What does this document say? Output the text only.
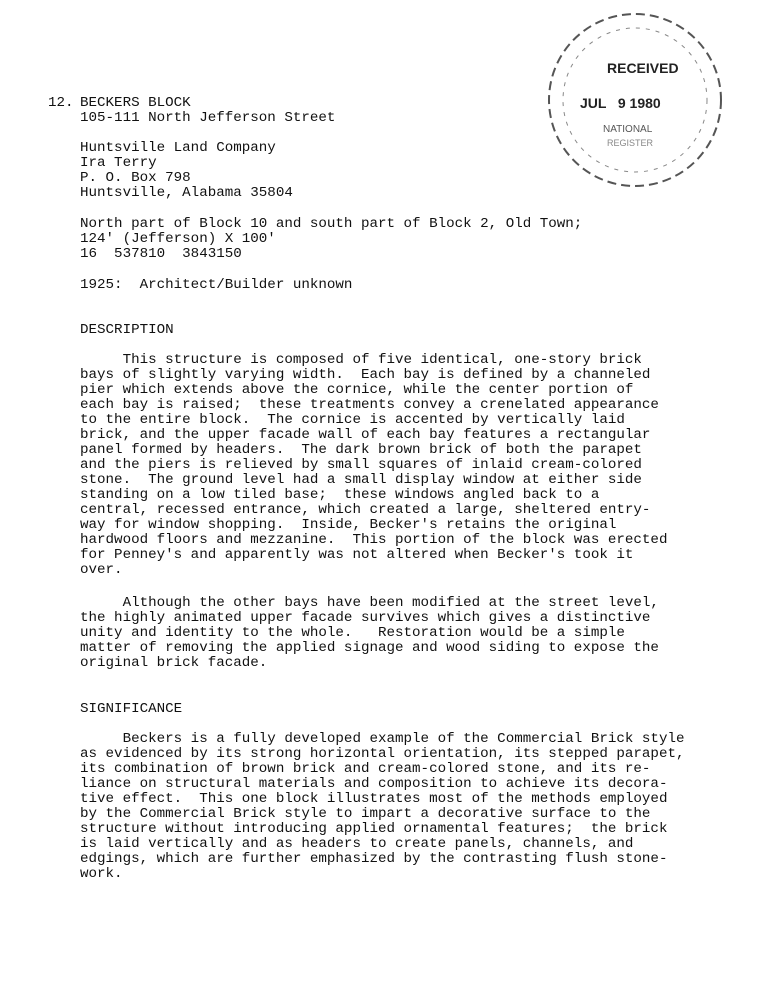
RECEIVED
JUL   9 1980
NATIONAL
REGISTER
12. BECKERS BLOCK
105-111 North Jefferson Street
Huntsville Land Company
Ira Terry
P. O. Box 798
Huntsville, Alabama 35804
North part of Block 10 and south part of Block 2, Old Town;
124' (Jefferson) X 100'
16  537810  3843150
1925:  Architect/Builder unknown
DESCRIPTION
This structure is composed of five identical, one-story brick
bays of slightly varying width.  Each bay is defined by a channeled
pier which extends above the cornice, while the center portion of
each bay is raised;  these treatments convey a crenelated appearance
to the entire block.  The cornice is accented by vertically laid
brick, and the upper facade wall of each bay features a rectangular
panel formed by headers.  The dark brown brick of both the parapet
and the piers is relieved by small squares of inlaid cream-colored
stone.  The ground level had a small display window at either side
standing on a low tiled base;  these windows angled back to a
central, recessed entrance, which created a large, sheltered entry-
way for window shopping.  Inside, Becker's retains the original
hardwood floors and mezzanine.  This portion of the block was erected
for Penney's and apparently was not altered when Becker's took it
over.
Although the other bays have been modified at the street level,
the highly animated upper facade survives which gives a distinctive
unity and identity to the whole.   Restoration would be a simple
matter of removing the applied signage and wood siding to expose the
original brick facade.
SIGNIFICANCE
Beckers is a fully developed example of the Commercial Brick style
as evidenced by its strong horizontal orientation, its stepped parapet,
its combination of brown brick and cream-colored stone, and its re-
liance on structural materials and composition to achieve its decora-
tive effect.  This one block illustrates most of the methods employed
by the Commercial Brick style to impart a decorative surface to the
structure without introducing applied ornamental features;  the brick
is laid vertically and as headers to create panels, channels, and
edgings, which are further emphasized by the contrasting flush stone-
work.
